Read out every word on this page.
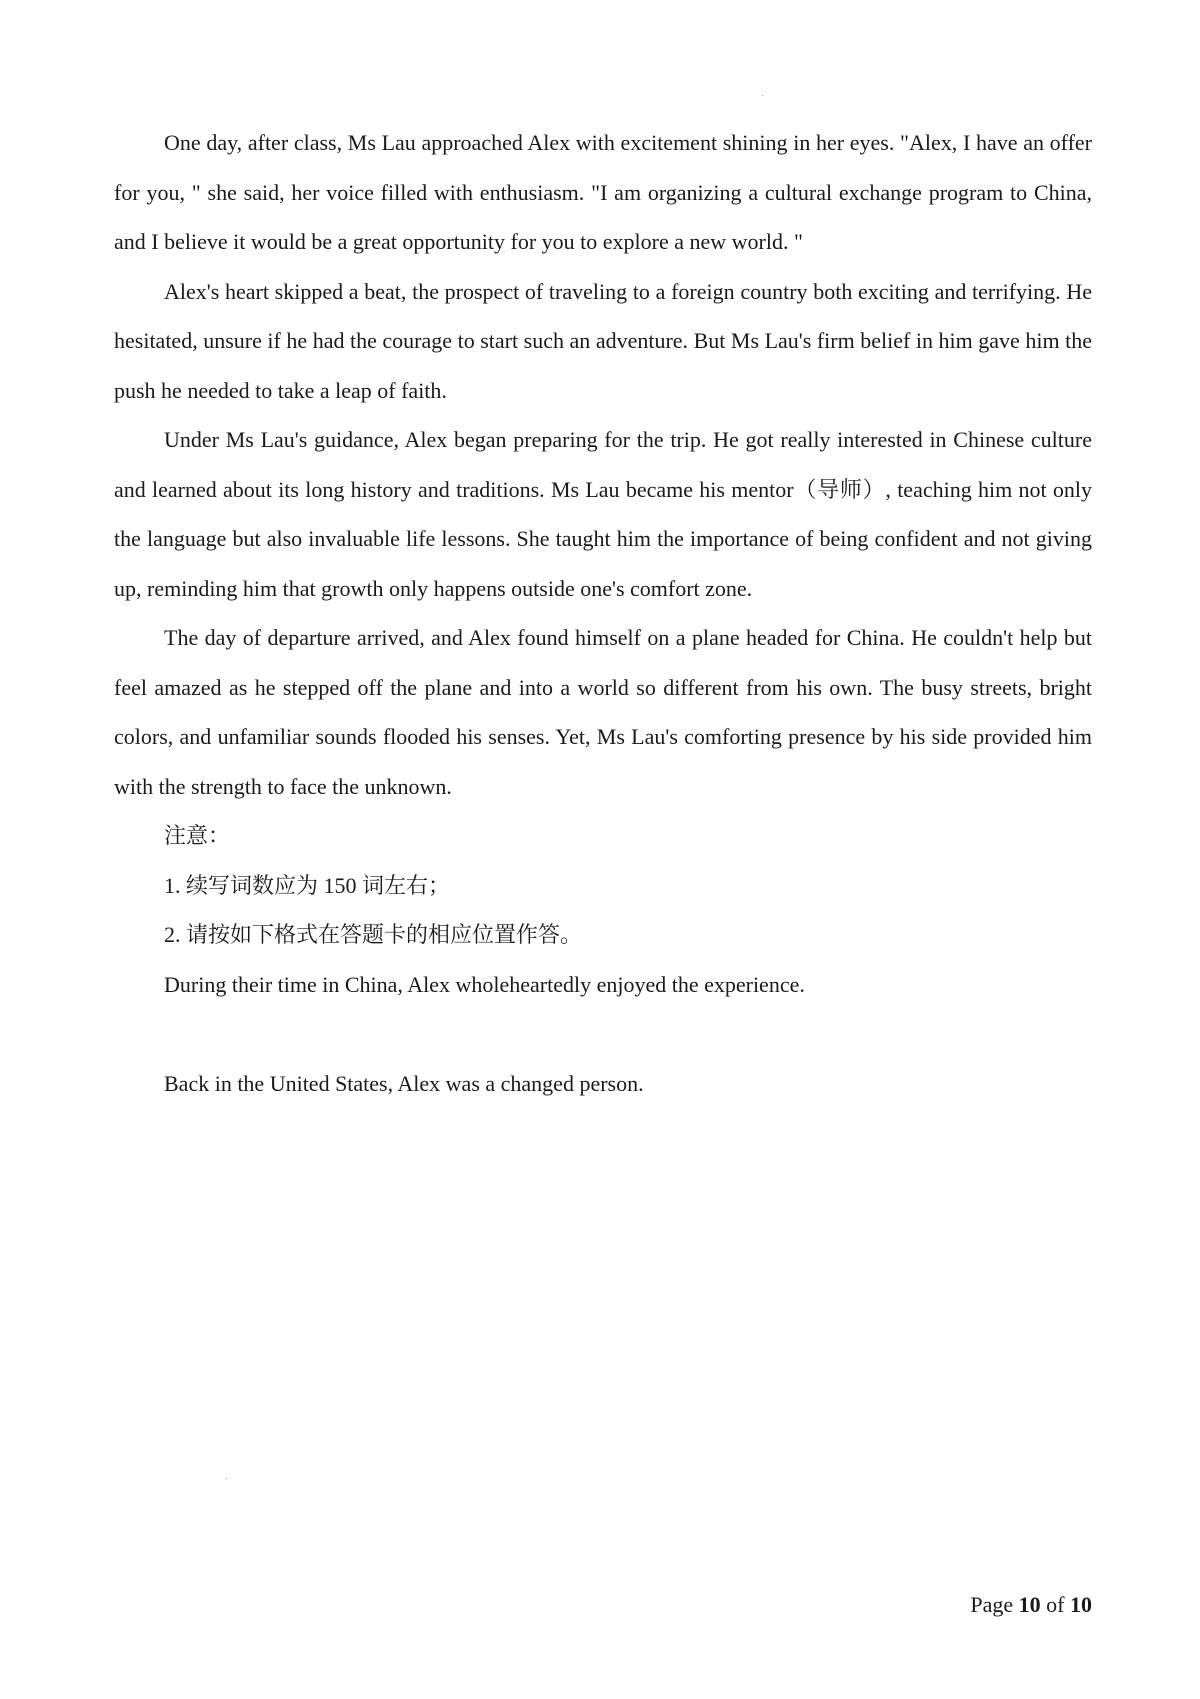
One day, after class, Ms Lau approached Alex with excitement shining in her eyes. "Alex, I have an offer for you, " she said, her voice filled with enthusiasm. "I am organizing a cultural exchange program to China, and I believe it would be a great opportunity for you to explore a new world. "

Alex's heart skipped a beat, the prospect of traveling to a foreign country both exciting and terrifying. He hesitated, unsure if he had the courage to start such an adventure. But Ms Lau's firm belief in him gave him the push he needed to take a leap of faith.

Under Ms Lau's guidance, Alex began preparing for the trip. He got really interested in Chinese culture and learned about its long history and traditions. Ms Lau became his mentor（导师）, teaching him not only the language but also invaluable life lessons. She taught him the importance of being confident and not giving up, reminding him that growth only happens outside one's comfort zone.

The day of departure arrived, and Alex found himself on a plane headed for China. He couldn't help but feel amazed as he stepped off the plane and into a world so different from his own. The busy streets, bright colors, and unfamiliar sounds flooded his senses. Yet, Ms Lau's comforting presence by his side provided him with the strength to face the unknown.

注意：

1. 续写词数应为 150 词左右；

2. 请按如下格式在答题卡的相应位置作答。

During their time in China, Alex wholeheartedly enjoyed the experience.

Back in the United States, Alex was a changed person.

Page 10 of 10
